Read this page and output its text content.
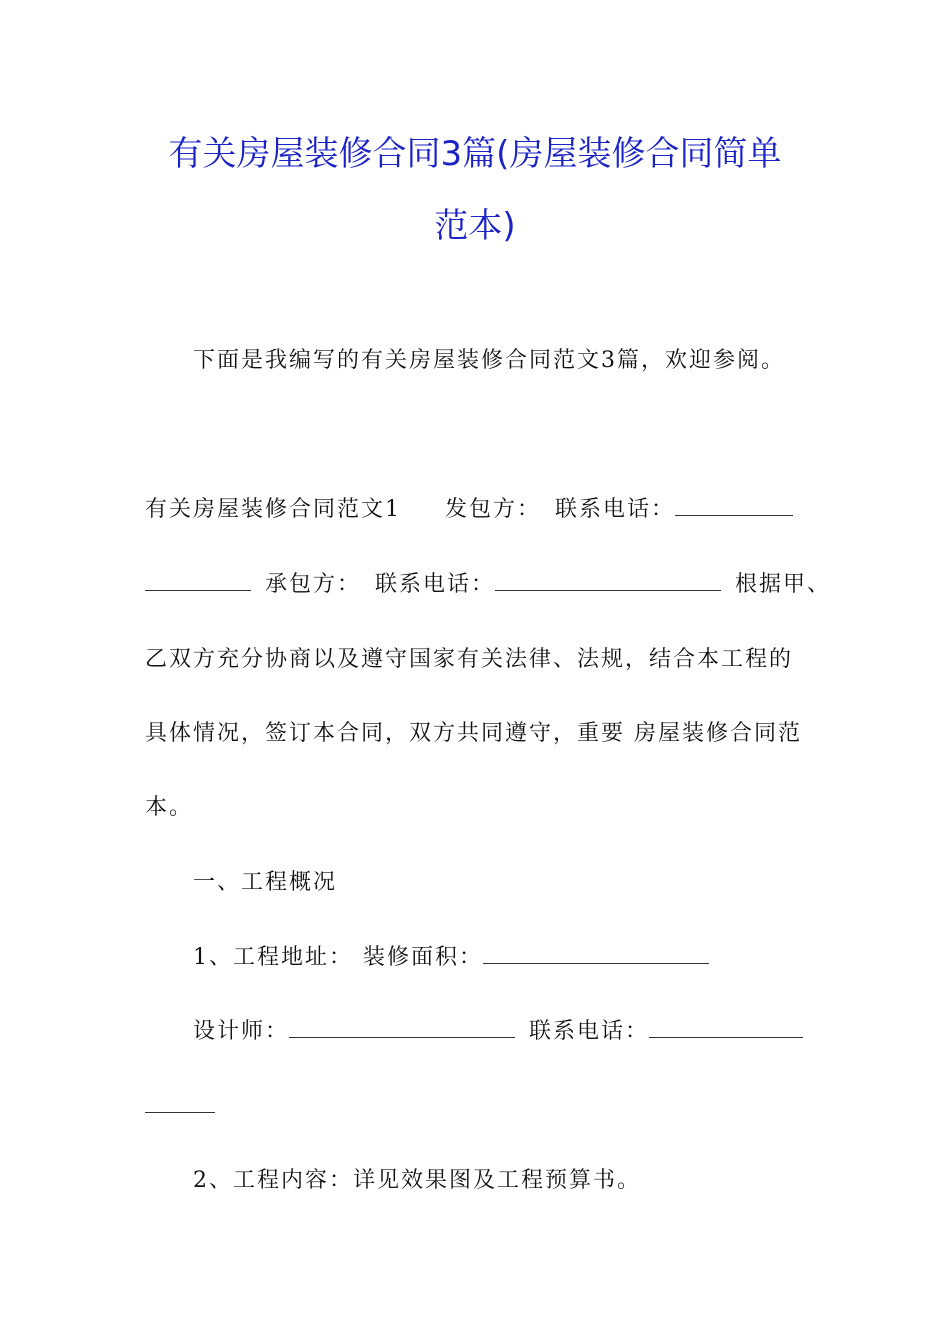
有关房屋装修合同3篇(房屋装修合同简单
范本)
下面是我编写的有关房屋装修合同范文3篇，欢迎参阅。
有关房屋装修合同范文1 发包方： 联系电话：
承包方： 联系电话：	根据甲、
乙双方充分协商以及遵守国家有关法律、法规，结合本工程的
具体情况，签订本合同，双方共同遵守，重要 房屋装修合同范
本。
一、工程概况
1、工程地址： 装修面积：
设计师：	联系电话：
2、工程内容：详见效果图及工程预算书。
